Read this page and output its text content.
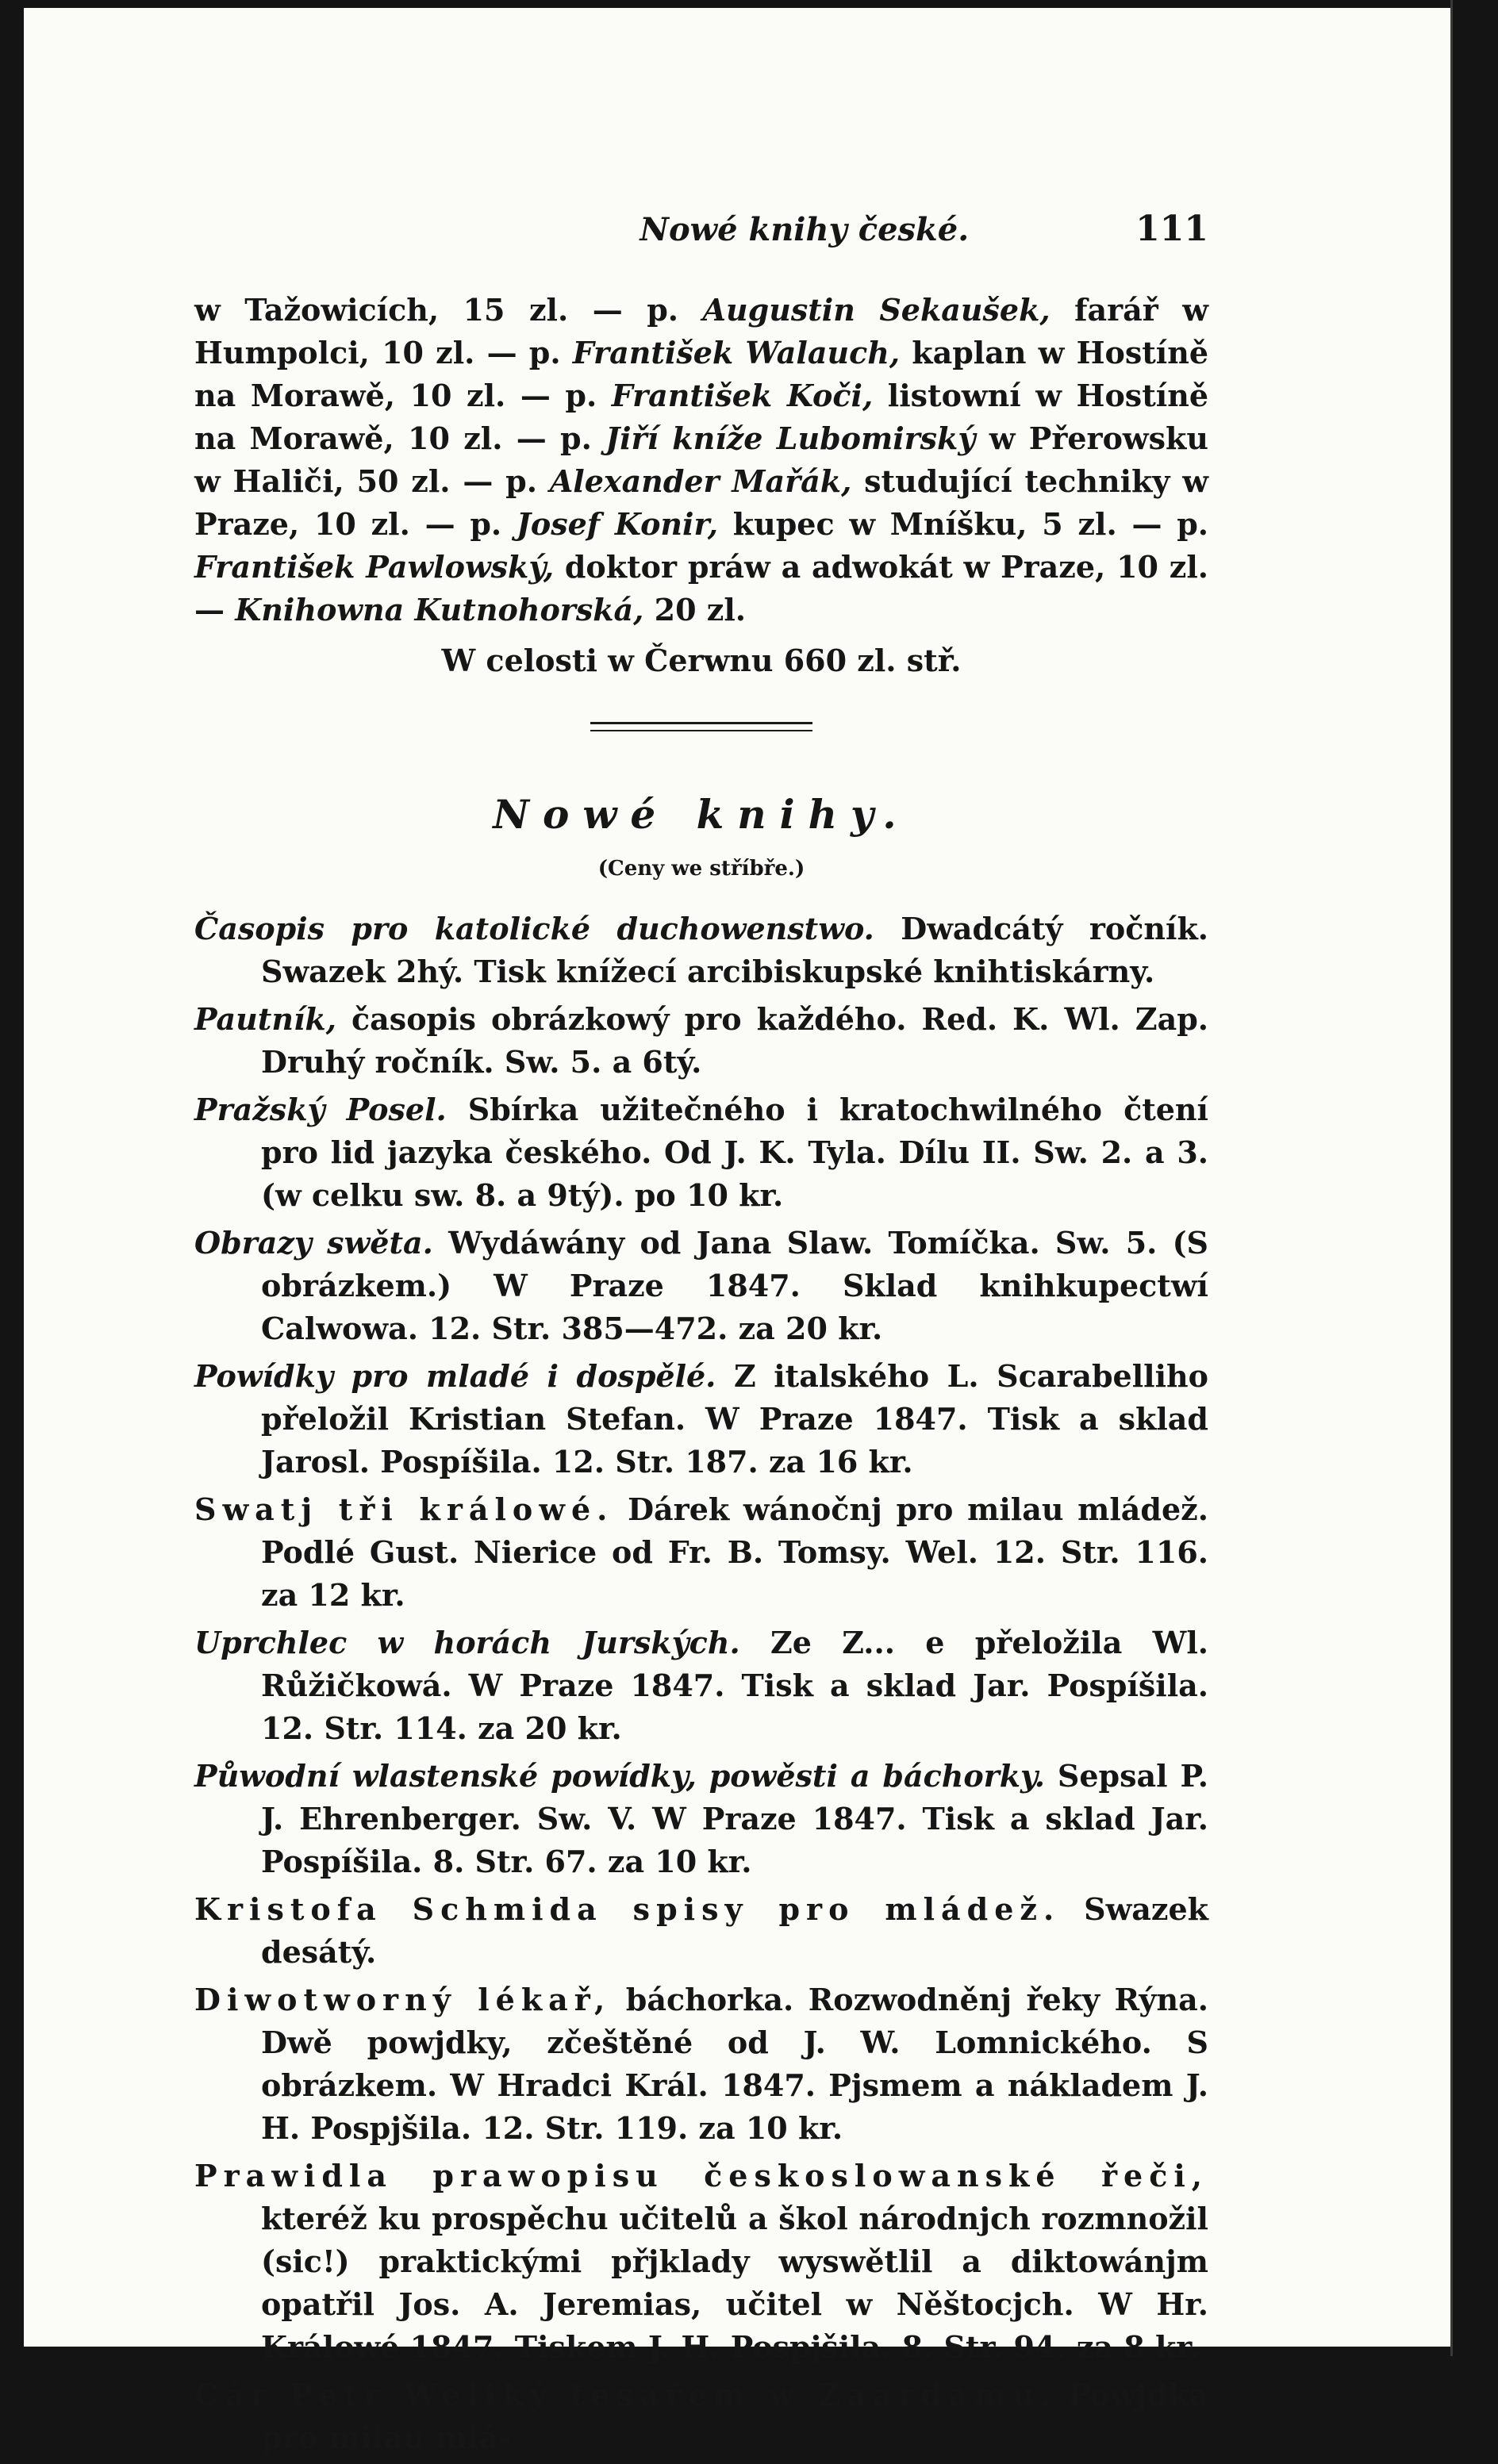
Nowé knihy české.	111

w Tažowicích, 15 zl. — p. Augustin Sekaušek, farář w Humpolci, 10 zl. — p. František Walauch, kaplan w Hostíně na Morawě, 10 zl. — p. František Koči, listowní w Hostíně na Morawě, 10 zl. — p. Jiří kníže Lubomirský w Přerowsku w Haliči, 50 zl. — p. Alexander Mařák, studující techniky w Praze, 10 zl. — p. Josef Konir, kupec w Mníšku, 5 zl. — p. František Pawlowský, doktor práw a adwokát w Praze, 10 zl. — Knihowna Kutnohorská, 20 zl.

W celosti w Čerwnu 660 zl. stř.

Nowé knihy.

(Ceny we stříbře.)

Časopis pro katolické duchowenstwo. Dwadcátý ročník. Swazek 2hý. Tisk knížecí arcibiskupské knihtiskárny.

Pautník, časopis obrázkowý pro každého. Red. K. Wl. Zap. Druhý ročník. Sw. 5. a 6tý.

Pražský Posel. Sbírka užitečného i kratochwilného čtení pro lid jazyka českého. Od J. K. Tyla. Dílu II. Sw. 2. a 3. (w celku sw. 8. a 9tý). po 10 kr.

Obrazy swěta. Wydáwány od Jana Slaw. Tomíčka. Sw. 5. (S obrázkem.) W Praze 1847. Sklad knihkupectwí Calwowa. 12. Str. 385—472. za 20 kr.

Powídky pro mladé i dospělé. Z italského L. Scarabelliho přeložil Kristian Stefan. W Praze 1847. Tisk a sklad Jarosl. Pospíšila. 12. Str. 187. za 16 kr.

Swatj tři králowé. Dárek wánočnj pro milau mládež. Podlé Gust. Nierice od Fr. B. Tomsy. Wel. 12. Str. 116. za 12 kr.

Uprchlec w horách Jurských. Ze Z... e přeložila Wl. Růžičkowá. W Praze 1847. Tisk a sklad Jar. Pospíšila. 12. Str. 114. za 20 kr.

Půwodní wlastenské powídky, powěsti a báchorky. Sepsal P. J. Ehrenberger. Sw. V. W Praze 1847. Tisk a sklad Jar. Pospíšila. 8. Str. 67. za 10 kr.

Kristofa Schmida spisy pro mládež. Swazek desátý.

Diwotworný lékař, báchorka. Rozwodněnj řeky Rýna. Dwě powjdky, zčeštěné od J. W. Lomnického. S obrázkem. W Hradci Král. 1847. Pjsmem a nákladem J. H. Pospjšila. 12. Str. 119. za 10 kr.

Prawidla prawopisu českoslowanské řeči, kteréž ku prospěchu učitelů a škol národnjch rozmnožil (sic!) praktickými přjklady wyswětlil a diktowánjm opatřil Jos. A. Jeremias, učitel w Něštocjch. W Hr. Králowé 1847. Tiskem J. H. Pospjšila. 8. Str. 94. za 8 kr.

Cár Petr Weliký tesařem w Zaardamu. Powjdka pro milau mlá-
